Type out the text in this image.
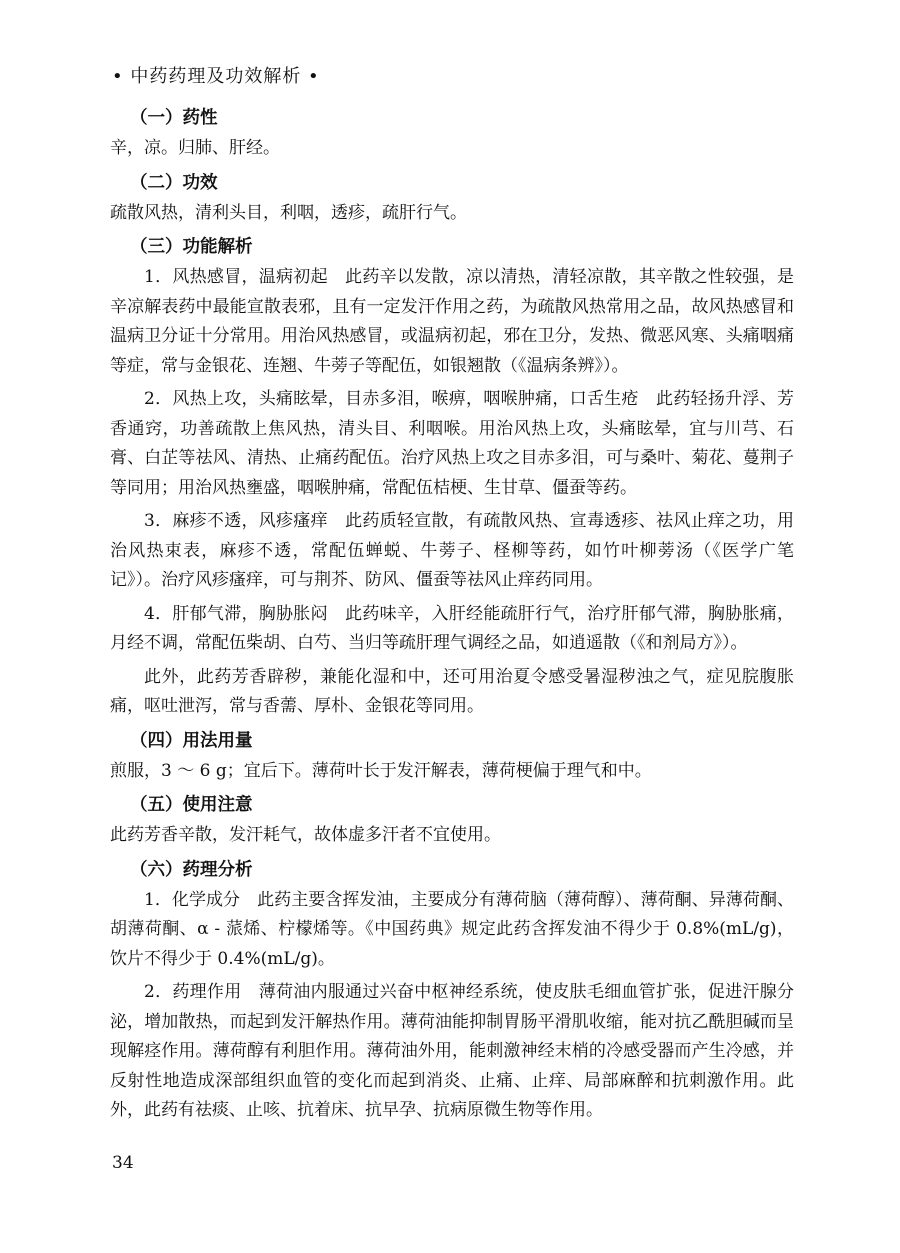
• 中药药理及功效解析 •
（一）药性

辛，凉。归肺、肝经。

（二）功效

疏散风热，清利头目，利咽，透疹，疏肝行气。

（三）功能解析

1．风热感冒，温病初起　此药辛以发散，凉以清热，清轻凉散，其辛散之性较强，是辛凉解表药中最能宣散表邪，且有一定发汗作用之药，为疏散风热常用之品，故风热感冒和温病卫分证十分常用。用治风热感冒，或温病初起，邪在卫分，发热、微恶风寒、头痛咽痛等症，常与金银花、连翘、牛蒡子等配伍，如银翘散（《温病条辨》）。

2．风热上攻，头痛眩晕，目赤多泪，喉痹，咽喉肿痛，口舌生疮　此药轻扬升浮、芳香通窍，功善疏散上焦风热，清头目、利咽喉。用治风热上攻，头痛眩晕，宜与川芎、石膏、白芷等祛风、清热、止痛药配伍。治疗风热上攻之目赤多泪，可与桑叶、菊花、蔓荆子等同用；用治风热壅盛，咽喉肿痛，常配伍桔梗、生甘草、僵蚕等药。

3．麻疹不透，风疹瘙痒　此药质轻宣散，有疏散风热、宣毒透疹、祛风止痒之功，用治风热束表，麻疹不透，常配伍蝉蜕、牛蒡子、柽柳等药，如竹叶柳蒡汤（《医学广笔记》）。治疗风疹瘙痒，可与荆芥、防风、僵蚕等祛风止痒药同用。

4．肝郁气滞，胸胁胀闷　此药味辛，入肝经能疏肝行气，治疗肝郁气滞，胸胁胀痛，月经不调，常配伍柴胡、白芍、当归等疏肝理气调经之品，如逍遥散（《和剂局方》）。

此外，此药芳香辟秽，兼能化湿和中，还可用治夏令感受暑湿秽浊之气，症见脘腹胀痛，呕吐泄泻，常与香薷、厚朴、金银花等同用。

（四）用法用量

煎服，3 ～ 6 g；宜后下。薄荷叶长于发汗解表，薄荷梗偏于理气和中。

（五）使用注意

此药芳香辛散，发汗耗气，故体虚多汗者不宜使用。

（六）药理分析

1．化学成分　此药主要含挥发油，主要成分有薄荷脑（薄荷醇）、薄荷酮、异薄荷酮、胡薄荷酮、α - 蒎烯、柠檬烯等。《中国药典》规定此药含挥发油不得少于 0.8%(mL/g)，饮片不得少于 0.4%(mL/g)。

2．药理作用　薄荷油内服通过兴奋中枢神经系统，使皮肤毛细血管扩张，促进汗腺分泌，增加散热，而起到发汗解热作用。薄荷油能抑制胃肠平滑肌收缩，能对抗乙酰胆碱而呈现解痉作用。薄荷醇有利胆作用。薄荷油外用，能刺激神经末梢的冷感受器而产生冷感，并反射性地造成深部组织血管的变化而起到消炎、止痛、止痒、局部麻醉和抗刺激作用。此外，此药有祛痰、止咳、抗着床、抗早孕、抗病原微生物等作用。

34
